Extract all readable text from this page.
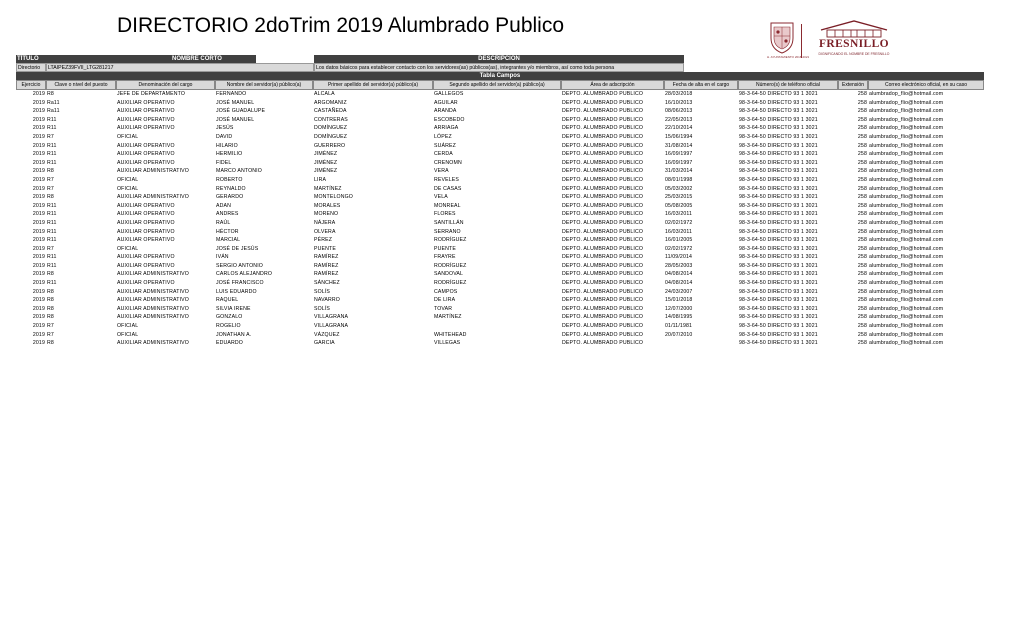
DIRECTORIO 2doTrim 2019 Alumbrado Publico
H. AYUNTAMIENTO 2018-2021
FRESNILLO
DIGNIFICANDO EL NOMBRE DE FRESNILLO
TÍTULO	NOMBRE CORTO	DESCRIPCIÓN
Directorio	LTAIPEZ39FVII_LTG281217	Los datos básicos para establecer contacto con los servidores(as) públicos(as), integrantes y/o miembros, así como toda persona
Tabla Campos
Ejercicio	Clave o nivel del puesto	Denominación del cargo	Nombre del servidor(a) público(a)	Primer apellido del servidor(a) público(a)	Segundo apellido del servidor(a) público(a)	Área de adscripción	Fecha de alta en el cargo	Número(s) de teléfono oficial	Extensión	Correo electrónico oficial, en su caso
2019	R8	JEFE DE DEPARTAMENTO	FERNANDO	ALCALA	GALLEGOS	DEPTO. ALUMBRADO PUBLICO	28/03/2018	98-3-64-50 DIRECTO 93 1 3021	258	alumbradop_flio@hotmail.com
2019	Ra11	AUXILIAR OPERATIVO	JOSÉ MANUEL	ARGOMANIZ	AGUILAR	DEPTO. ALUMBRADO PUBLICO	16/10/2013	98-3-64-50 DIRECTO 93 1 3021	258	alumbradop_flio@hotmail.com
2019	Ra11	AUXILIAR OPERATIVO	JOSÉ GUADALUPE	CASTAÑEDA	ARANDA	DEPTO. ALUMBRADO PUBLICO	08/06/2013	98-3-64-50 DIRECTO 93 1 3021	258	alumbradop_flio@hotmail.com
2019	R11	AUXILIAR OPERATIVO	JOSÉ MANUEL	CONTRERAS	ESCOBEDO	DEPTO. ALUMBRADO PUBLICO	22/05/2013	98-3-64-50 DIRECTO 93 1 3021	258	alumbradop_flio@hotmail.com
2019	R11	AUXILIAR OPERATIVO	JESÚS	DOMÍNGUEZ	ARRIAGA	DEPTO. ALUMBRADO PUBLICO	22/10/2014	98-3-64-50 DIRECTO 93 1 3021	258	alumbradop_flio@hotmail.com
2019	R7	OFICIAL	DAVID	DOMÍNGUEZ	LÓPEZ	DEPTO. ALUMBRADO PUBLICO	15/06/1994	98-3-64-50 DIRECTO 93 1 3021	258	alumbradop_flio@hotmail.com
2019	R11	AUXILIAR OPERATIVO	HILARIO	GUERRERO	SUÁREZ	DEPTO. ALUMBRADO PUBLICO	31/08/2014	98-3-64-50 DIRECTO 93 1 3021	258	alumbradop_flio@hotmail.com
2019	R11	AUXILIAR OPERATIVO	HERMILIO	JIMÉNEZ	CERDA	DEPTO. ALUMBRADO PUBLICO	16/09/1997	98-3-64-50 DIRECTO 93 1 3021	258	alumbradop_flio@hotmail.com
2019	R11	AUXILIAR OPERATIVO	FIDEL	JIMÉNEZ	CRENOMN	DEPTO. ALUMBRADO PUBLICO	16/09/1997	98-3-64-50 DIRECTO 93 1 3021	258	alumbradop_flio@hotmail.com
2019	R8	AUXILIAR ADMINISTRATIVO	MARCO ANTONIO	JIMÉNEZ	VERA	DEPTO. ALUMBRADO PUBLICO	31/03/2014	98-3-64-50 DIRECTO 93 1 3021	258	alumbradop_flio@hotmail.com
2019	R7	OFICIAL	ROBERTO	LIRA	REVELES	DEPTO. ALUMBRADO PUBLICO	08/01/1998	98-3-64-50 DIRECTO 93 1 3021	258	alumbradop_flio@hotmail.com
2019	R7	OFICIAL	REYNALDO	MARTÍNEZ	DE CASAS	DEPTO. ALUMBRADO PUBLICO	05/03/2002	98-3-64-50 DIRECTO 93 1 3021	258	alumbradop_flio@hotmail.com
2019	R8	AUXILIAR ADMINISTRATIVO	GERARDO	MONTELONGO	VELA	DEPTO. ALUMBRADO PUBLICO	25/03/2015	98-3-64-50 DIRECTO 93 1 3021	258	alumbradop_flio@hotmail.com
2019	R11	AUXILIAR OPERATIVO	ADAN	MORALES	MONREAL	DEPTO. ALUMBRADO PUBLICO	05/08/2005	98-3-64-50 DIRECTO 93 1 3021	258	alumbradop_flio@hotmail.com
2019	R11	AUXILIAR OPERATIVO	ANDRES	MORENO	FLORES	DEPTO. ALUMBRADO PUBLICO	16/03/2011	98-3-64-50 DIRECTO 93 1 3021	258	alumbradop_flio@hotmail.com
2019	R11	AUXILIAR OPERATIVO	RAÚL	NÁJERA	SANTILLÁN	DEPTO. ALUMBRADO PUBLICO	02/02/1972	98-3-64-50 DIRECTO 93 1 3021	258	alumbradop_flio@hotmail.com
2019	R11	AUXILIAR OPERATIVO	HÉCTOR	OLVERA	SERRANO	DEPTO. ALUMBRADO PUBLICO	16/03/2011	98-3-64-50 DIRECTO 93 1 3021	258	alumbradop_flio@hotmail.com
2019	R11	AUXILIAR OPERATIVO	MARCIAL	PÉREZ	RODRÍGUEZ	DEPTO. ALUMBRADO PUBLICO	16/01/2005	98-3-64-50 DIRECTO 93 1 3021	258	alumbradop_flio@hotmail.com
2019	R7	OFICIAL	JOSÉ DE JESÚS	PUENTE	PUENTE	DEPTO. ALUMBRADO PUBLICO	02/02/1972	98-3-64-50 DIRECTO 93 1 3021	258	alumbradop_flio@hotmail.com
2019	R11	AUXILIAR OPERATIVO	IVÁN	RAMÍREZ	FRAYRE	DEPTO. ALUMBRADO PUBLICO	11/09/2014	98-3-64-50 DIRECTO 93 1 3021	258	alumbradop_flio@hotmail.com
2019	R11	AUXILIAR OPERATIVO	SERGIO ANTONIO	RAMÍREZ	RODRÍGUEZ	DEPTO. ALUMBRADO PUBLICO	28/05/2003	98-3-64-50 DIRECTO 93 1 3021	258	alumbradop_flio@hotmail.com
2019	R8	AUXILIAR ADMINISTRATIVO	CARLOS ALEJANDRO	RAMÍREZ	SANDOVAL	DEPTO. ALUMBRADO PUBLICO	04/08/2014	98-3-64-50 DIRECTO 93 1 3021	258	alumbradop_flio@hotmail.com
2019	R11	AUXILIAR OPERATIVO	JOSÉ FRANCISCO	SÁNCHEZ	RODRÍGUEZ	DEPTO. ALUMBRADO PUBLICO	04/08/2014	98-3-64-50 DIRECTO 93 1 3021	258	alumbradop_flio@hotmail.com
2019	R8	AUXILIAR ADMINISTRATIVO	LUIS EDUARDO	SOLÍS	CAMPOS	DEPTO. ALUMBRADO PUBLICO	24/03/2007	98-3-64-50 DIRECTO 93 1 3021	258	alumbradop_flio@hotmail.com
2019	R8	AUXILIAR ADMINISTRATIVO	RAQUEL	NAVARRO	DE LIRA	DEPTO. ALUMBRADO PUBLICO	15/01/2018	98-3-64-50 DIRECTO 93 1 3021	258	alumbradop_flio@hotmail.com
2019	R8	AUXILIAR ADMINISTRATIVO	SILVIA IRENE	SOLÍS	TOVAR	DEPTO. ALUMBRADO PUBLICO	12/07/2000	98-3-64-50 DIRECTO 93 1 3021	258	alumbradop_flio@hotmail.com
2019	R8	AUXILIAR ADMINISTRATIVO	GONZALO	VILLAGRANA	MARTÍNEZ	DEPTO. ALUMBRADO PUBLICO	14/08/1995	98-3-64-50 DIRECTO 93 1 3021	258	alumbradop_flio@hotmail.com
2019	R7	OFICIAL	ROGELIO	VILLAGRANA		DEPTO. ALUMBRADO PUBLICO	01/11/1981	98-3-64-50 DIRECTO 93 1 3021	258	alumbradop_flio@hotmail.com
2019	R7	OFICIAL	JONATHAN A.	VÁZQUEZ	WHITEHEAD	DEPTO. ALUMBRADO PUBLICO	20/07/2010	98-3-64-50 DIRECTO 93 1 3021	258	alumbradop_flio@hotmail.com
2019	R8	AUXILIAR ADMINISTRATIVO	EDUARDO	GARCIA	VILLEGAS	DEPTO. ALUMBRADO PUBLICO		98-3-64-50 DIRECTO 93 1 3021	258	alumbradop_flio@hotmail.com
